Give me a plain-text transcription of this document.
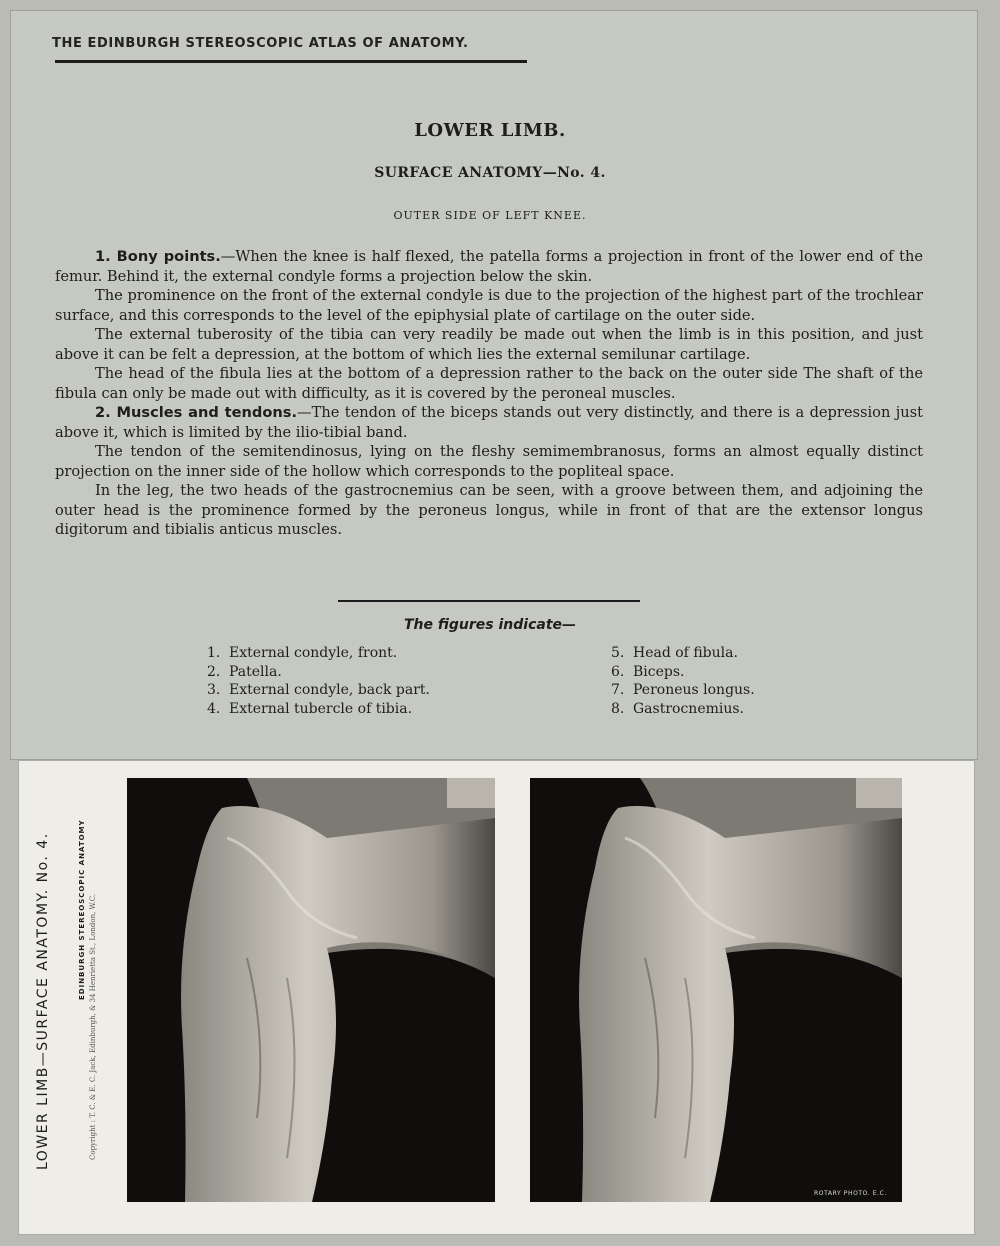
THE EDINBURGH STEREOSCOPIC ATLAS OF ANATOMY.
LOWER LIMB.
SURFACE ANATOMY—No. 4.
OUTER SIDE OF LEFT KNEE.

1. Bony points.—When the knee is half flexed, the patella forms a projection in front of the lower end of the femur. Behind it, the external condyle forms a projection below the skin.

The prominence on the front of the external condyle is due to the projection of the highest part of the trochlear surface, and this corresponds to the level of the epiphysial plate of cartilage on the outer side.

The external tuberosity of the tibia can very readily be made out when the limb is in this position, and just above it can be felt a depression, at the bottom of which lies the external semilunar cartilage.

The head of the fibula lies at the bottom of a depression rather to the back on the outer side The shaft of the fibula can only be made out with difficulty, as it is covered by the peroneal muscles.

2. Muscles and tendons.—The tendon of the biceps stands out very distinctly, and there is a depression just above it, which is limited by the ilio-tibial band.

The tendon of the semitendinosus, lying on the fleshy semimembranosus, forms an almost equally distinct projection on the inner side of the hollow which corresponds to the popliteal space.

In the leg, the two heads of the gastrocnemius can be seen, with a groove between them, and adjoining the outer head is the prominence formed by the peroneus longus, while in front of that are the extensor longus digitorum and tibialis anticus muscles.

The figures indicate—
1. External condyle, front.
2. Patella.
3. External condyle, back part.
4. External tubercle of tibia.
5. Head of fibula.
6. Biceps.
7. Peroneus longus.
8. Gastrocnemius.
LOWER LIMB—SURFACE ANATOMY. No. 4.	EDINBURGH STEREOSCOPIC ANATOMY Copyright : T. C. & E. C. Jack, Edinburgh, & 34 Henrietta St., London, W.C.
ROTARY PHOTO. E.C.
